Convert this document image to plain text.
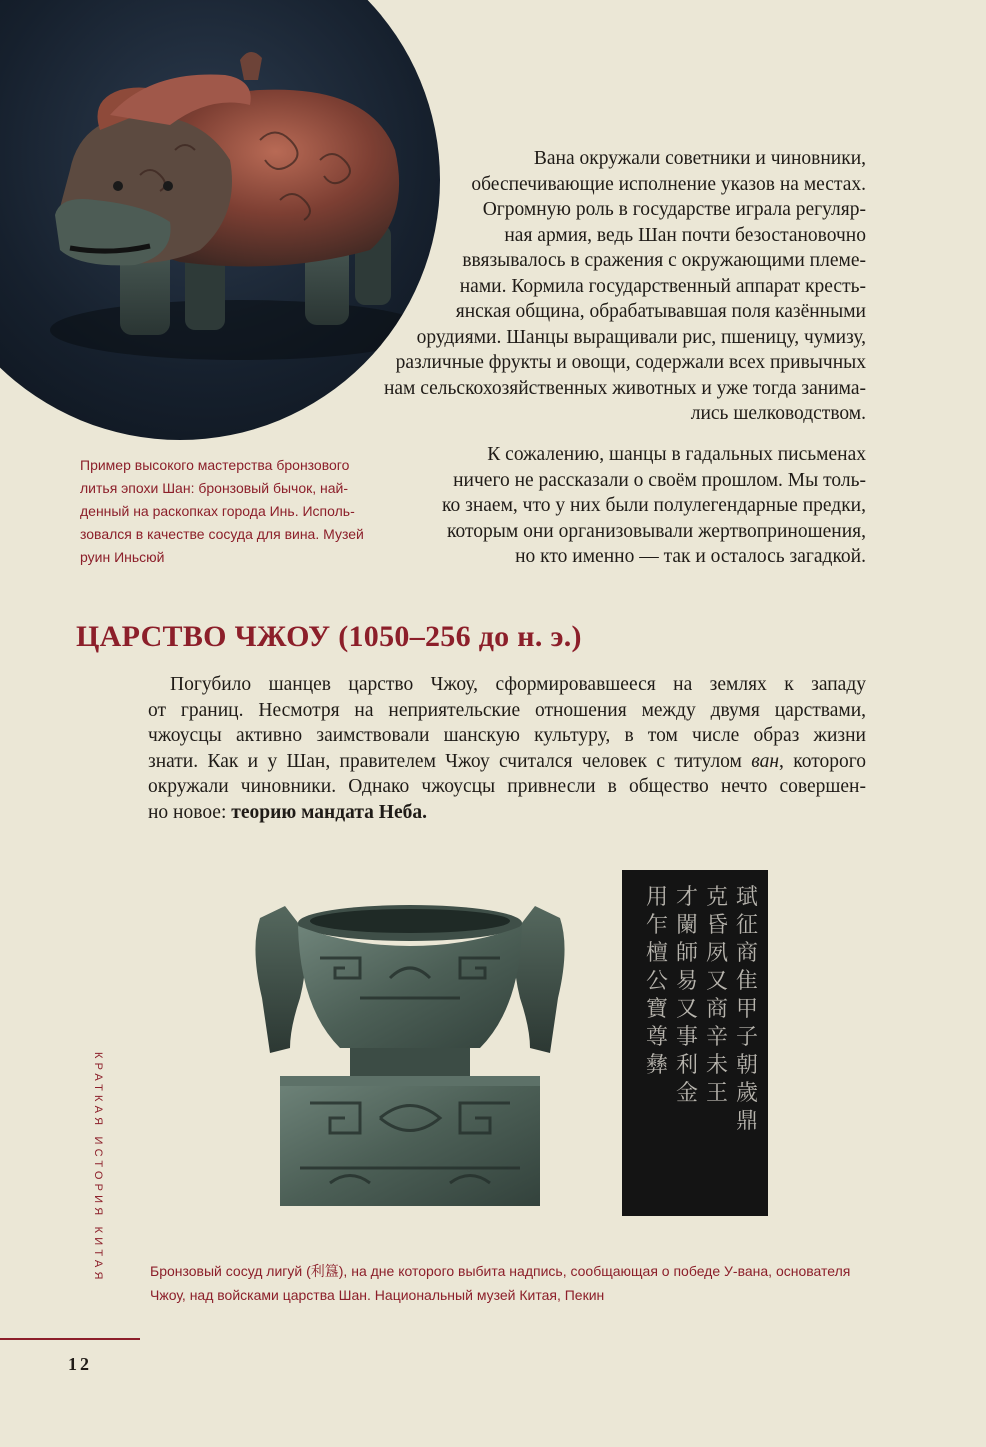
Вана окружали советники и чиновники,
обеспечивающие исполнение указов на местах.
Огромную роль в государстве играла регуляр-
ная армия, ведь Шан почти безостановочно
ввязывалось в сражения с окружающими племе-
нами. Кормила государственный аппарат кресть-
янская община, обрабатывавшая поля казёнными
орудиями. Шанцы выращивали рис, пшеницу, чумизу,
различные фрукты и овощи, содержали всех привычных
нам сельскохозяйственных животных и уже тогда занима-
лись шелководством.

Пример высокого мастерства бронзового
литья эпохи Шан: бронзовый бычок, най-
денный на раскопках города Инь. Исполь-
зовался в качестве сосуда для вина. Музей
руин Иньсюй

К сожалению, шанцы в гадальных письменах
ничего не рассказали о своём прошлом. Мы толь-
ко знаем, что у них были полулегендарные предки,
которым они организовывали жертвоприношения,
но кто именно — так и осталось загадкой.

ЦАРСТВО ЧЖОУ (1050–256 до н. э.)

Погубило шанцев царство Чжоу, сформировавшееся на землях к западу
от границ. Несмотря на неприятельские отношения между двумя царствами,
чжоусцы активно заимствовали шанскую культуру, в том числе образ жизни
знати. Как и у Шан, правителем Чжоу считался человек с титулом ван, которого
окружали чиновники. Однако чжоусцы привнесли в общество нечто совершен-
но новое: теорию мандата Неба.

珷征商隹甲子朝歲鼎
克昏夙又商辛未王
才闌師易又事利金
用乍檀公寶尊彝

Бронзовый сосуд лигуй (利簋), на дне которого выбита надпись, сообщающая о победе У-вана, основателя Чжоу, над войсками царства Шан. Национальный музей Китая, Пекин

КРАТКАЯ ИСТОРИЯ КИТАЯ
12
